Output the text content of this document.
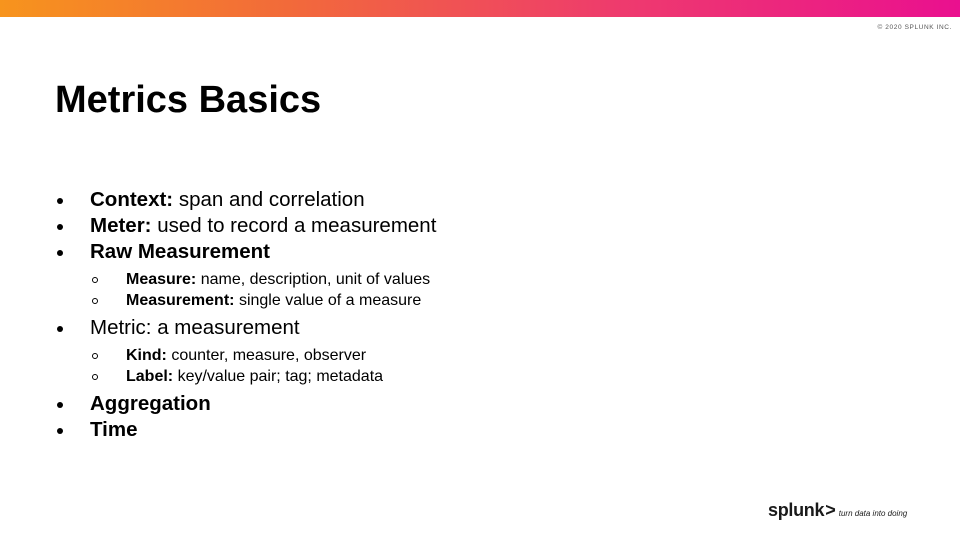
© 2020 SPLUNK INC.
Metrics Basics
Context: span and correlation
Meter: used to record a measurement
Raw Measurement
Measure: name, description, unit of values
Measurement: single value of a measure
Metric: a measurement
Kind: counter, measure, observer
Label: key/value pair; tag; metadata
Aggregation
Time
splunk > turn data into doing
